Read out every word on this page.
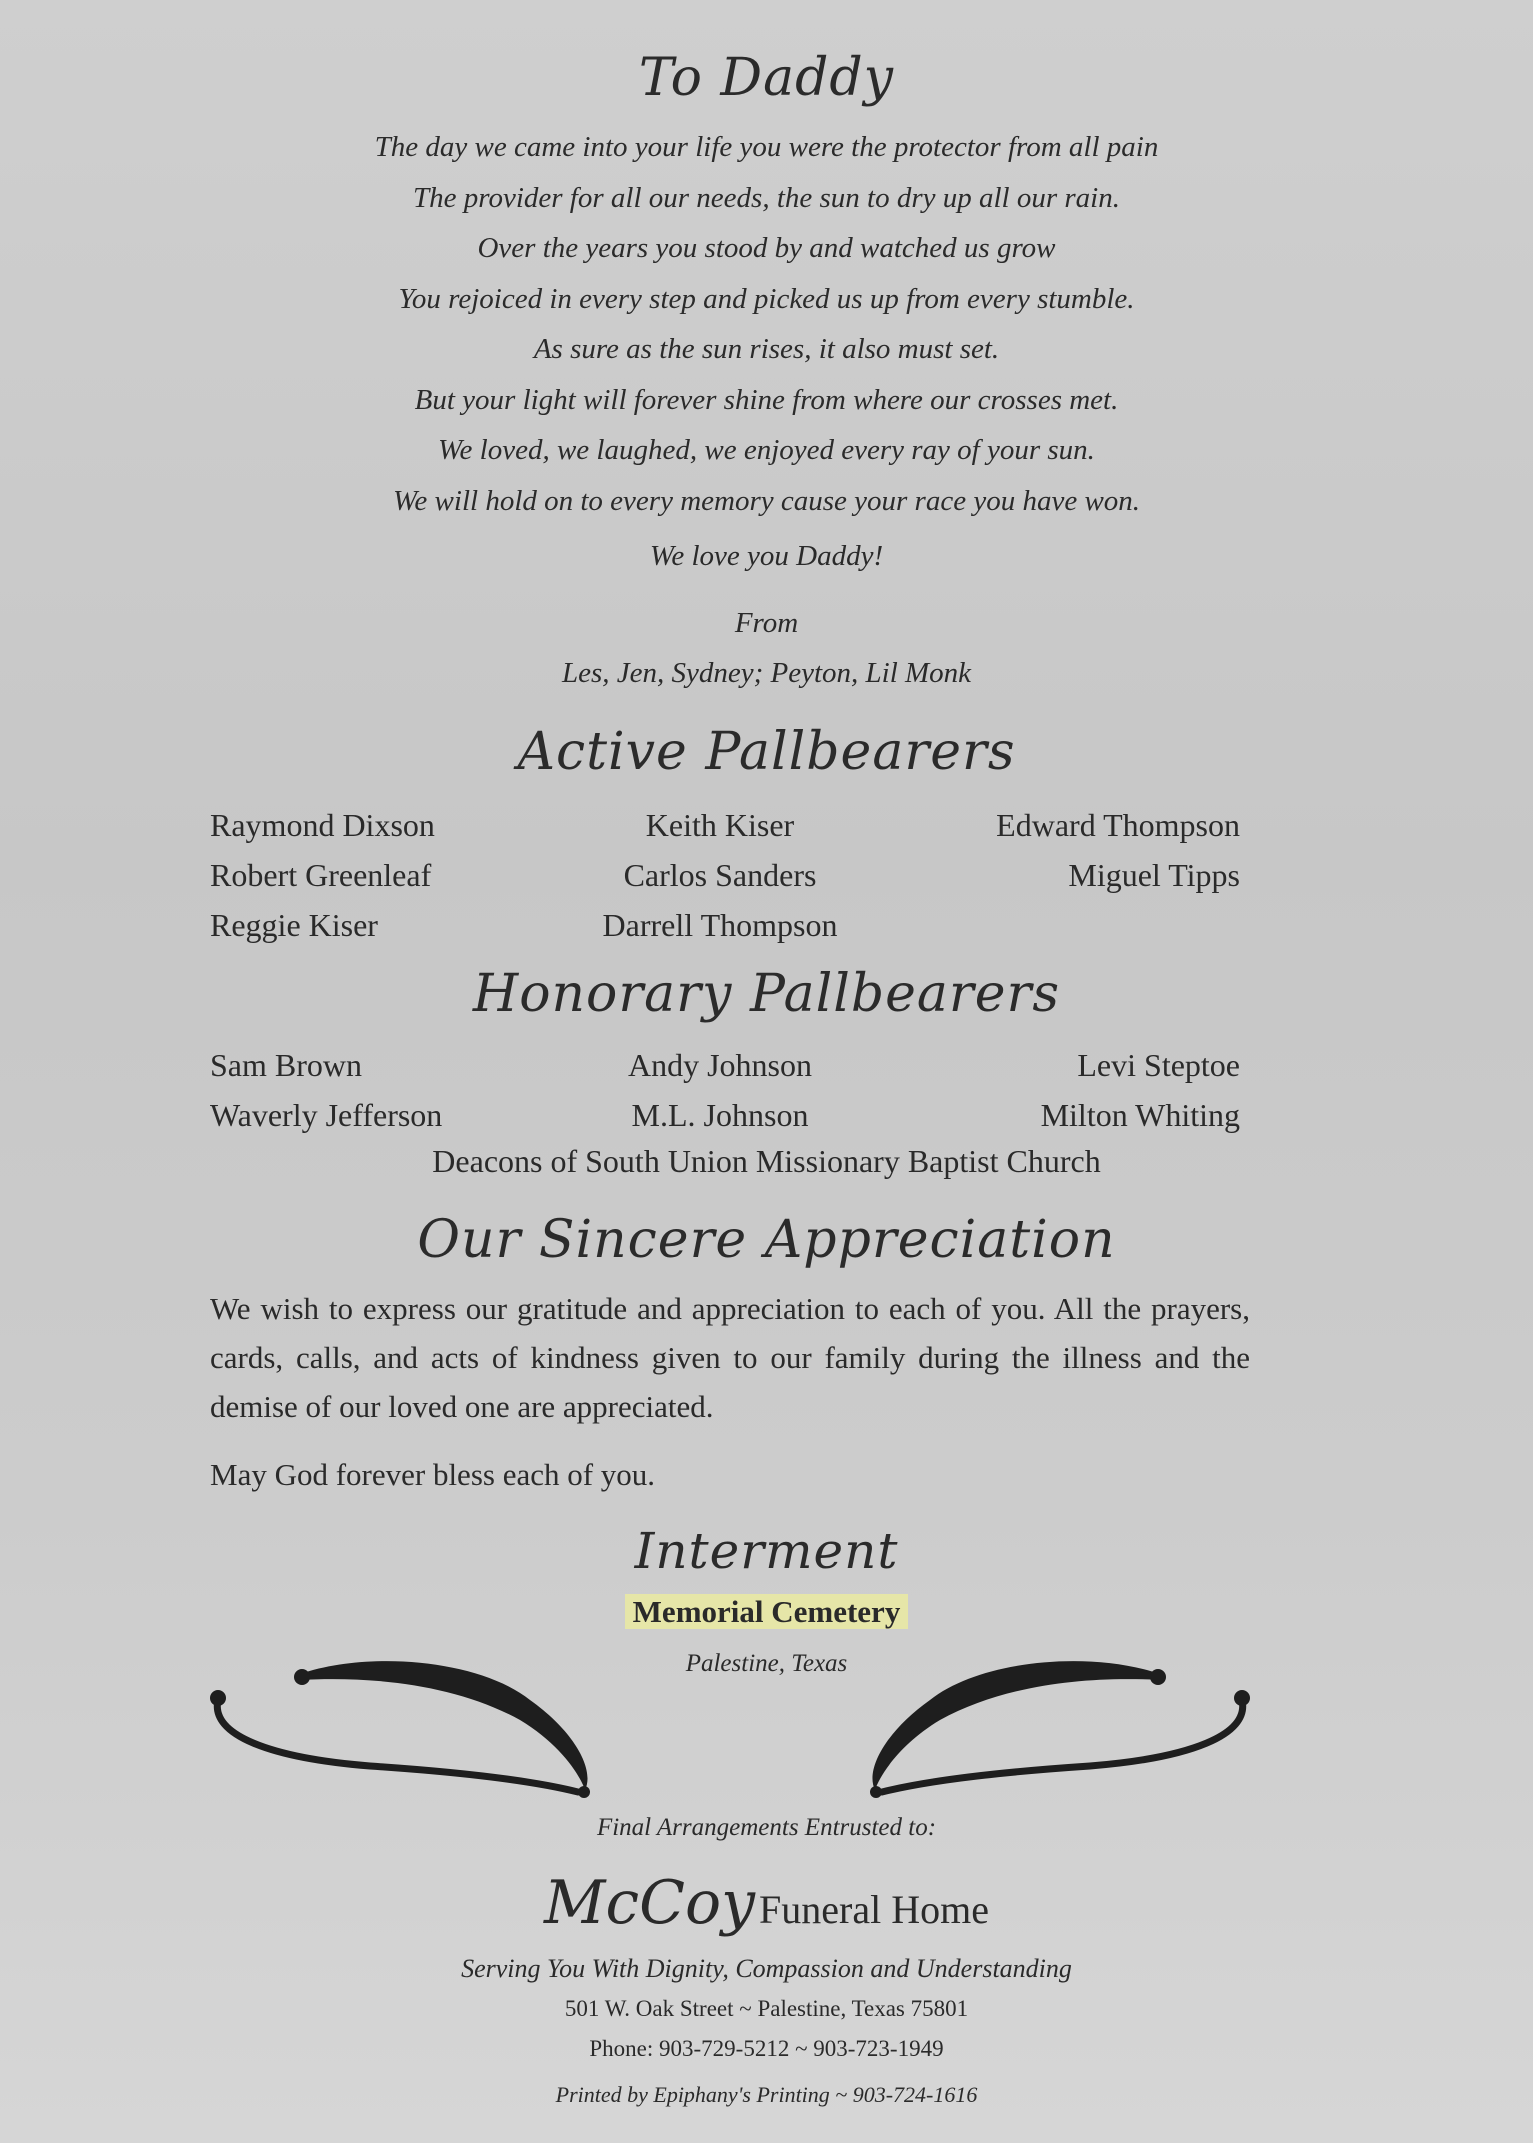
To Daddy
The day we came into your life you were the protector from all pain
The provider for all our needs, the sun to dry up all our rain.
Over the years you stood by and watched us grow
You rejoiced in every step and picked us up from every stumble.
As sure as the sun rises, it also must set.
But your light will forever shine from where our crosses met.
We loved, we laughed, we enjoyed every ray of your sun.
We will hold on to every memory cause your race you have won.
We love you Daddy!
From
Les, Jen, Sydney; Peyton, Lil Monk
Active Pallbearers
Raymond Dixson	Keith Kiser	Edward Thompson
Robert Greenleaf	Carlos Sanders	Miguel Tipps
Reggie Kiser	Darrell Thompson
Honorary Pallbearers
Sam Brown	Andy Johnson	Levi Steptoe
Waverly Jefferson	M.L. Johnson	Milton Whiting
Deacons of South Union Missionary Baptist Church
Our Sincere Appreciation
We wish to express our gratitude and appreciation to each of you. All the prayers, cards, calls, and acts of kindness given to our family during the illness and the demise of our loved one are appreciated.
May God forever bless each of you.
Interment
Memorial Cemetery
Palestine, Texas
Final Arrangements Entrusted to:
McCoy Funeral Home
Serving You With Dignity, Compassion and Understanding
501 W. Oak Street ~ Palestine, Texas 75801
Phone: 903-729-5212 ~ 903-723-1949
Printed by Epiphany's Printing ~ 903-724-1616
